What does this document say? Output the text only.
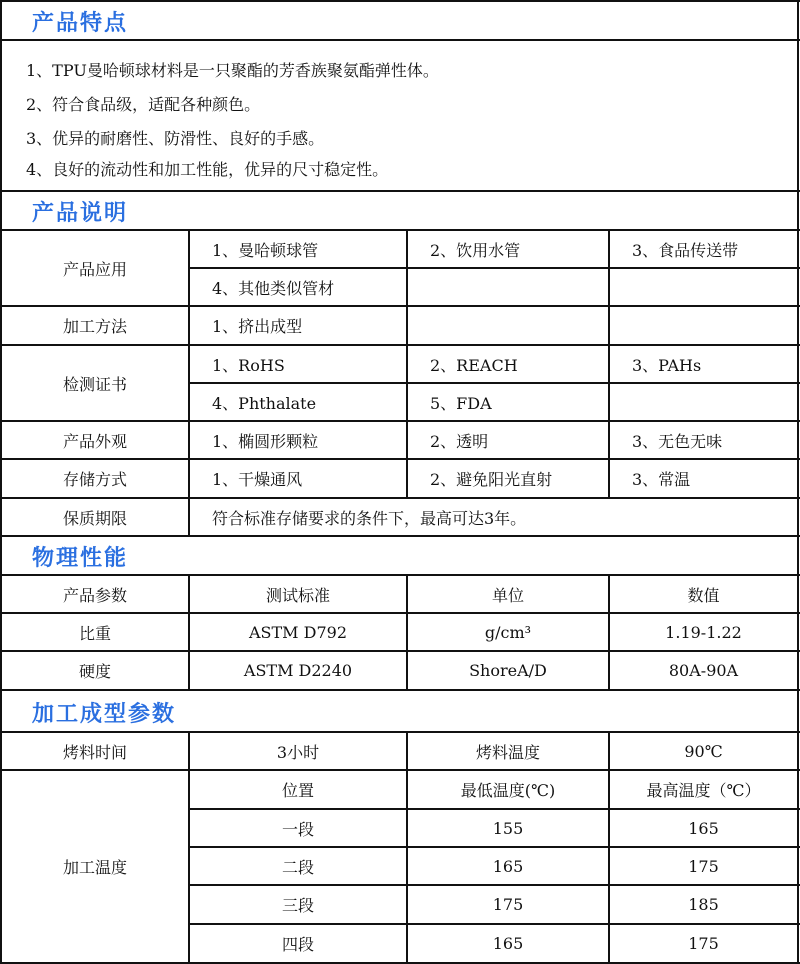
产品特点
1、TPU曼哈顿球材料是一只聚酯的芳香族聚氨酯弹性体。
2、符合食品级，适配各种颜色。
3、优异的耐磨性、防滑性、良好的手感。
4、良好的流动性和加工性能，优异的尺寸稳定性。
产品说明
产品应用
1、曼哈顿球管	2、饮用水管	3、食品传送带
4、其他类似管材
加工方法	1、挤出成型
检测证书
1、RoHS	2、REACH	3、PAHs
4、Phthalate	5、FDA
产品外观	1、椭圆形颗粒	2、透明	3、无色无味
存储方式	1、干燥通风	2、避免阳光直射	3、常温
保质期限	符合标准存储要求的条件下，最高可达3年。
物理性能
产品参数	测试标准	单位	数值
比重	ASTM D792	g/cm³	1.19-1.22
硬度	ASTM D2240	ShoreA/D	80A-90A
加工成型参数
烤料时间	3小时	烤料温度	90℃
加工温度
位置	最低温度(℃)	最高温度（℃）
一段	155	165
二段	165	175
三段	175	185
四段	165	175
